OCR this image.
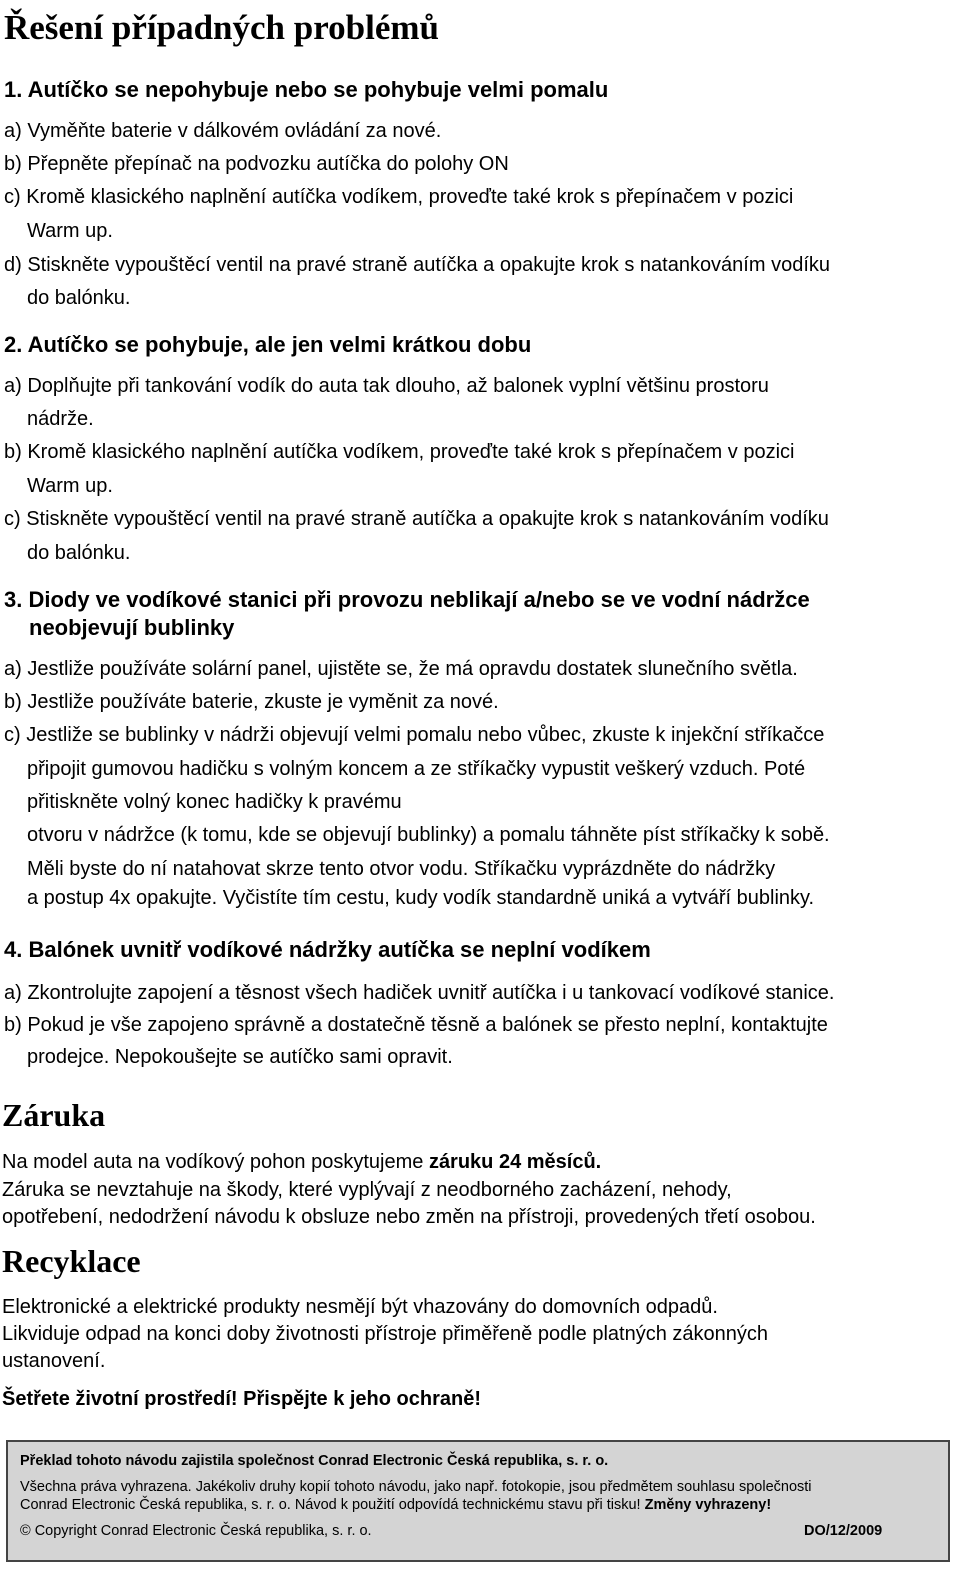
Řešení případných problémů
1. Autíčko se nepohybuje nebo se pohybuje velmi pomalu
a) Vyměňte baterie v dálkovém ovládání za nové.
b) Přepněte přepínač na podvozku autíčka do polohy ON
c) Kromě klasického naplnění autíčka vodíkem, proveďte také krok s přepínačem v pozici
Warm up.
d) Stiskněte vypouštěcí ventil na pravé straně autíčka a opakujte krok s natankováním vodíku
do balónku.
2. Autíčko se pohybuje, ale jen velmi krátkou dobu
a) Doplňujte při tankování vodík do auta tak dlouho, až balonek vyplní většinu prostoru
nádrže.
b) Kromě klasického naplnění autíčka vodíkem, proveďte také krok s přepínačem v pozici
Warm up.
c) Stiskněte vypouštěcí ventil na pravé straně autíčka a opakujte krok s natankováním vodíku
do balónku.
3. Diody ve vodíkové stanici při provozu neblikají a/nebo se ve vodní nádržce
neobjevují bublinky
a) Jestliže používáte solární panel, ujistěte se, že má opravdu dostatek slunečního světla.
b) Jestliže používáte baterie, zkuste je vyměnit za nové.
c) Jestliže se bublinky v nádrži objevují velmi pomalu nebo vůbec, zkuste k injekční stříkačce
připojit gumovou hadičku s volným koncem a ze stříkačky vypustit veškerý vzduch. Poté
přitiskněte volný konec hadičky k pravému
otvoru v nádržce (k tomu, kde se objevují bublinky) a pomalu táhněte píst stříkačky k sobě.
Měli byste do ní natahovat skrze tento otvor vodu. Stříkačku vyprázdněte do nádržky
a postup 4x opakujte. Vyčistíte tím cestu, kudy vodík standardně uniká a vytváří bublinky.
4. Balónek uvnitř vodíkové nádržky autíčka se neplní vodíkem
a) Zkontrolujte zapojení a těsnost všech hadiček uvnitř autíčka i u tankovací vodíkové stanice.
b) Pokud je vše zapojeno správně a dostatečně těsně a balónek se přesto neplní, kontaktujte
prodejce. Nepokoušejte se autíčko sami opravit.
Záruka
Na model auta na vodíkový pohon poskytujeme záruku 24 měsíců.
Záruka se nevztahuje na škody, které vyplývají z neodborného zacházení, nehody,
opotřebení, nedodržení návodu k obsluze nebo změn na přístroji, provedených třetí osobou.
Recyklace
Elektronické a elektrické produkty nesmějí být vhazovány do domovních odpadů.
Likviduje odpad na konci doby životnosti přístroje přiměřeně podle platných zákonných
ustanovení.
Šetřete životní prostředí! Přispějte k jeho ochraně!
Překlad tohoto návodu zajistila společnost Conrad Electronic Česká republika, s. r. o.
Všechna práva vyhrazena. Jakékoliv druhy kopií tohoto návodu, jako např. fotokopie, jsou předmětem souhlasu společnosti
Conrad Electronic Česká republika, s. r. o. Návod k použití odpovídá technickému stavu při tisku! Změny vyhrazeny!
© Copyright Conrad Electronic Česká republika, s. r. o.	DO/12/2009
